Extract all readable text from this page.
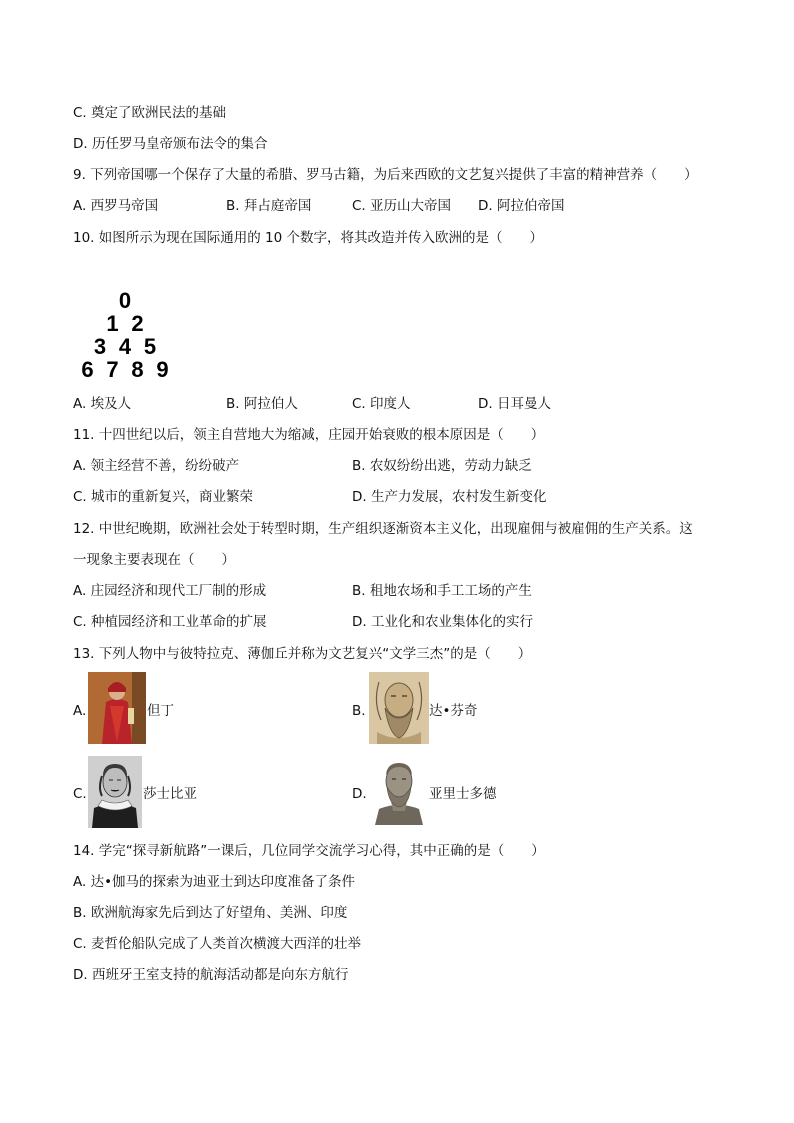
C. 奠定了欧洲民法的基础
D. 历任罗马皇帝颁布法令的集合
9. 下列帝国哪一个保存了大量的希腊、罗马古籍，为后来西欧的文艺复兴提供了丰富的精神营养（　　）
A. 西罗马帝国	B. 拜占庭帝国	C. 亚历山大帝国 D. 阿拉伯帝国
10. 如图所示为现在国际通用的 10 个数字，将其改造并传入欧洲的是（　　）
0
1 2
3 4 5
6 7 8 9
A. 埃及人	B. 阿拉伯人	C. 印度人	D. 日耳曼人
11. 十四世纪以后，领主自营地大为缩减，庄园开始衰败的根本原因是（　　）
A. 领主经营不善，纷纷破产	B. 农奴纷纷出逃，劳动力缺乏
C. 城市的重新复兴，商业繁荣	D. 生产力发展，农村发生新变化
12. 中世纪晚期，欧洲社会处于转型时期，生产组织逐渐资本主义化，出现雇佣与被雇佣的生产关系。这
一现象主要表现在（　　）
A. 庄园经济和现代工厂制的形成	B. 租地农场和手工工场的产生
C. 种植园经济和工业革命的扩展	D. 工业化和农业集体化的实行
13. 下列人物中与彼特拉克、薄伽丘并称为文艺复兴“文学三杰”的是（　　）
A.	但丁	B.	达•芬奇
C.	莎士比亚	D.	亚里士多德
14. 学完“探寻新航路”一课后，几位同学交流学习心得，其中正确的是（　　）
A. 达•伽马的探索为迪亚士到达印度准备了条件
B. 欧洲航海家先后到达了好望角、美洲、印度
C. 麦哲伦船队完成了人类首次横渡大西洋的壮举
D. 西班牙王室支持的航海活动都是向东方航行
